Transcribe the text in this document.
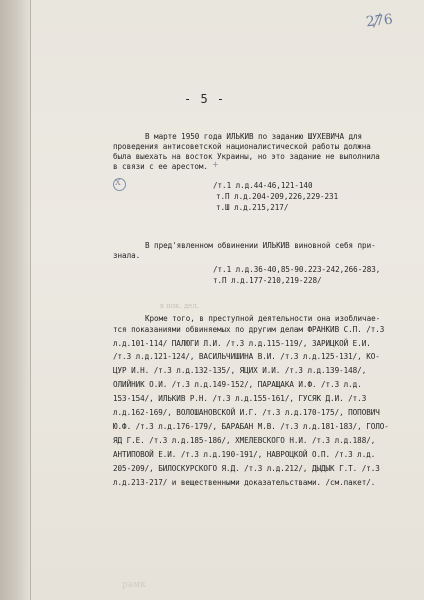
276
- 5 -
В марте 1950 года ИЛЬКИВ по заданию ШУХЕВИЧА для
проведения антисоветской националистической работы должна
была выехать на восток Украины, но это задание не выполнила
в связи с ее арестом. +
X	/т.1 л.д.44-46,121-140
т.П л.д.204-209,226,229-231
т.Ш л.д.215,217/
В пред'явленном обвинении ИЛЬКИВ виновной себя при-
знала.
/т.1 л.д.36-40,85-90.223-242,266-283,
т.П л.д.177-210,219-228/
в пок. дел.
Кроме того, в преступной деятельности она изобличае-
тся показаниями обвиняемых по другим делам ФРАНКИВ С.П. /т.3
л.д.101-114/ ПАЛЮГИ Л.И. /т.3 л.д.115-119/, ЗАРИЦКОЙ Е.И.
/т.3 л.д.121-124/, ВАСИЛЬЧИШИНА В.И. /т.3 л.д.125-131/, КО-
ЦУР И.Н. /т.3 л.д.132-135/, ЯЦИХ И.И. /т.3 л.д.139-148/,
ОЛИЙНИК О.И. /т.3 л.д.149-152/, ПАРАЩАКА И.Ф. /т.3 л.д.
153-154/, ИЛЬКИВ Р.Н. /т.3 л.д.155-161/, ГУСЯК Д.И. /т.3
л.д.162-169/, ВОЛОШАНОВСКОЙ И.Г. /т.3 л.д.170-175/, ПОПОВИЧ
Ю.Ф. /т.3 л.д.176-179/, БАРАБАН М.В. /т.3 л.д.181-183/, ГОЛО-
ЯД Г.Е. /т.3 л.д.185-186/, ХМЕЛЕВСКОГО Н.И. /т.3 л.д.188/,
АНТИПОВОЙ Е.И. /т.3 л.д.190-191/, НАВРОЦКОЙ О.П. /т.3 л.д.
205-209/, БИЛОСКУРСКОГО Я.Д. /т.3 л.д.212/, ДЫДЫК Г.Т. /т.3
л.д.213-217/ и вещественными доказательствами. /см.пакет/.
рамк
